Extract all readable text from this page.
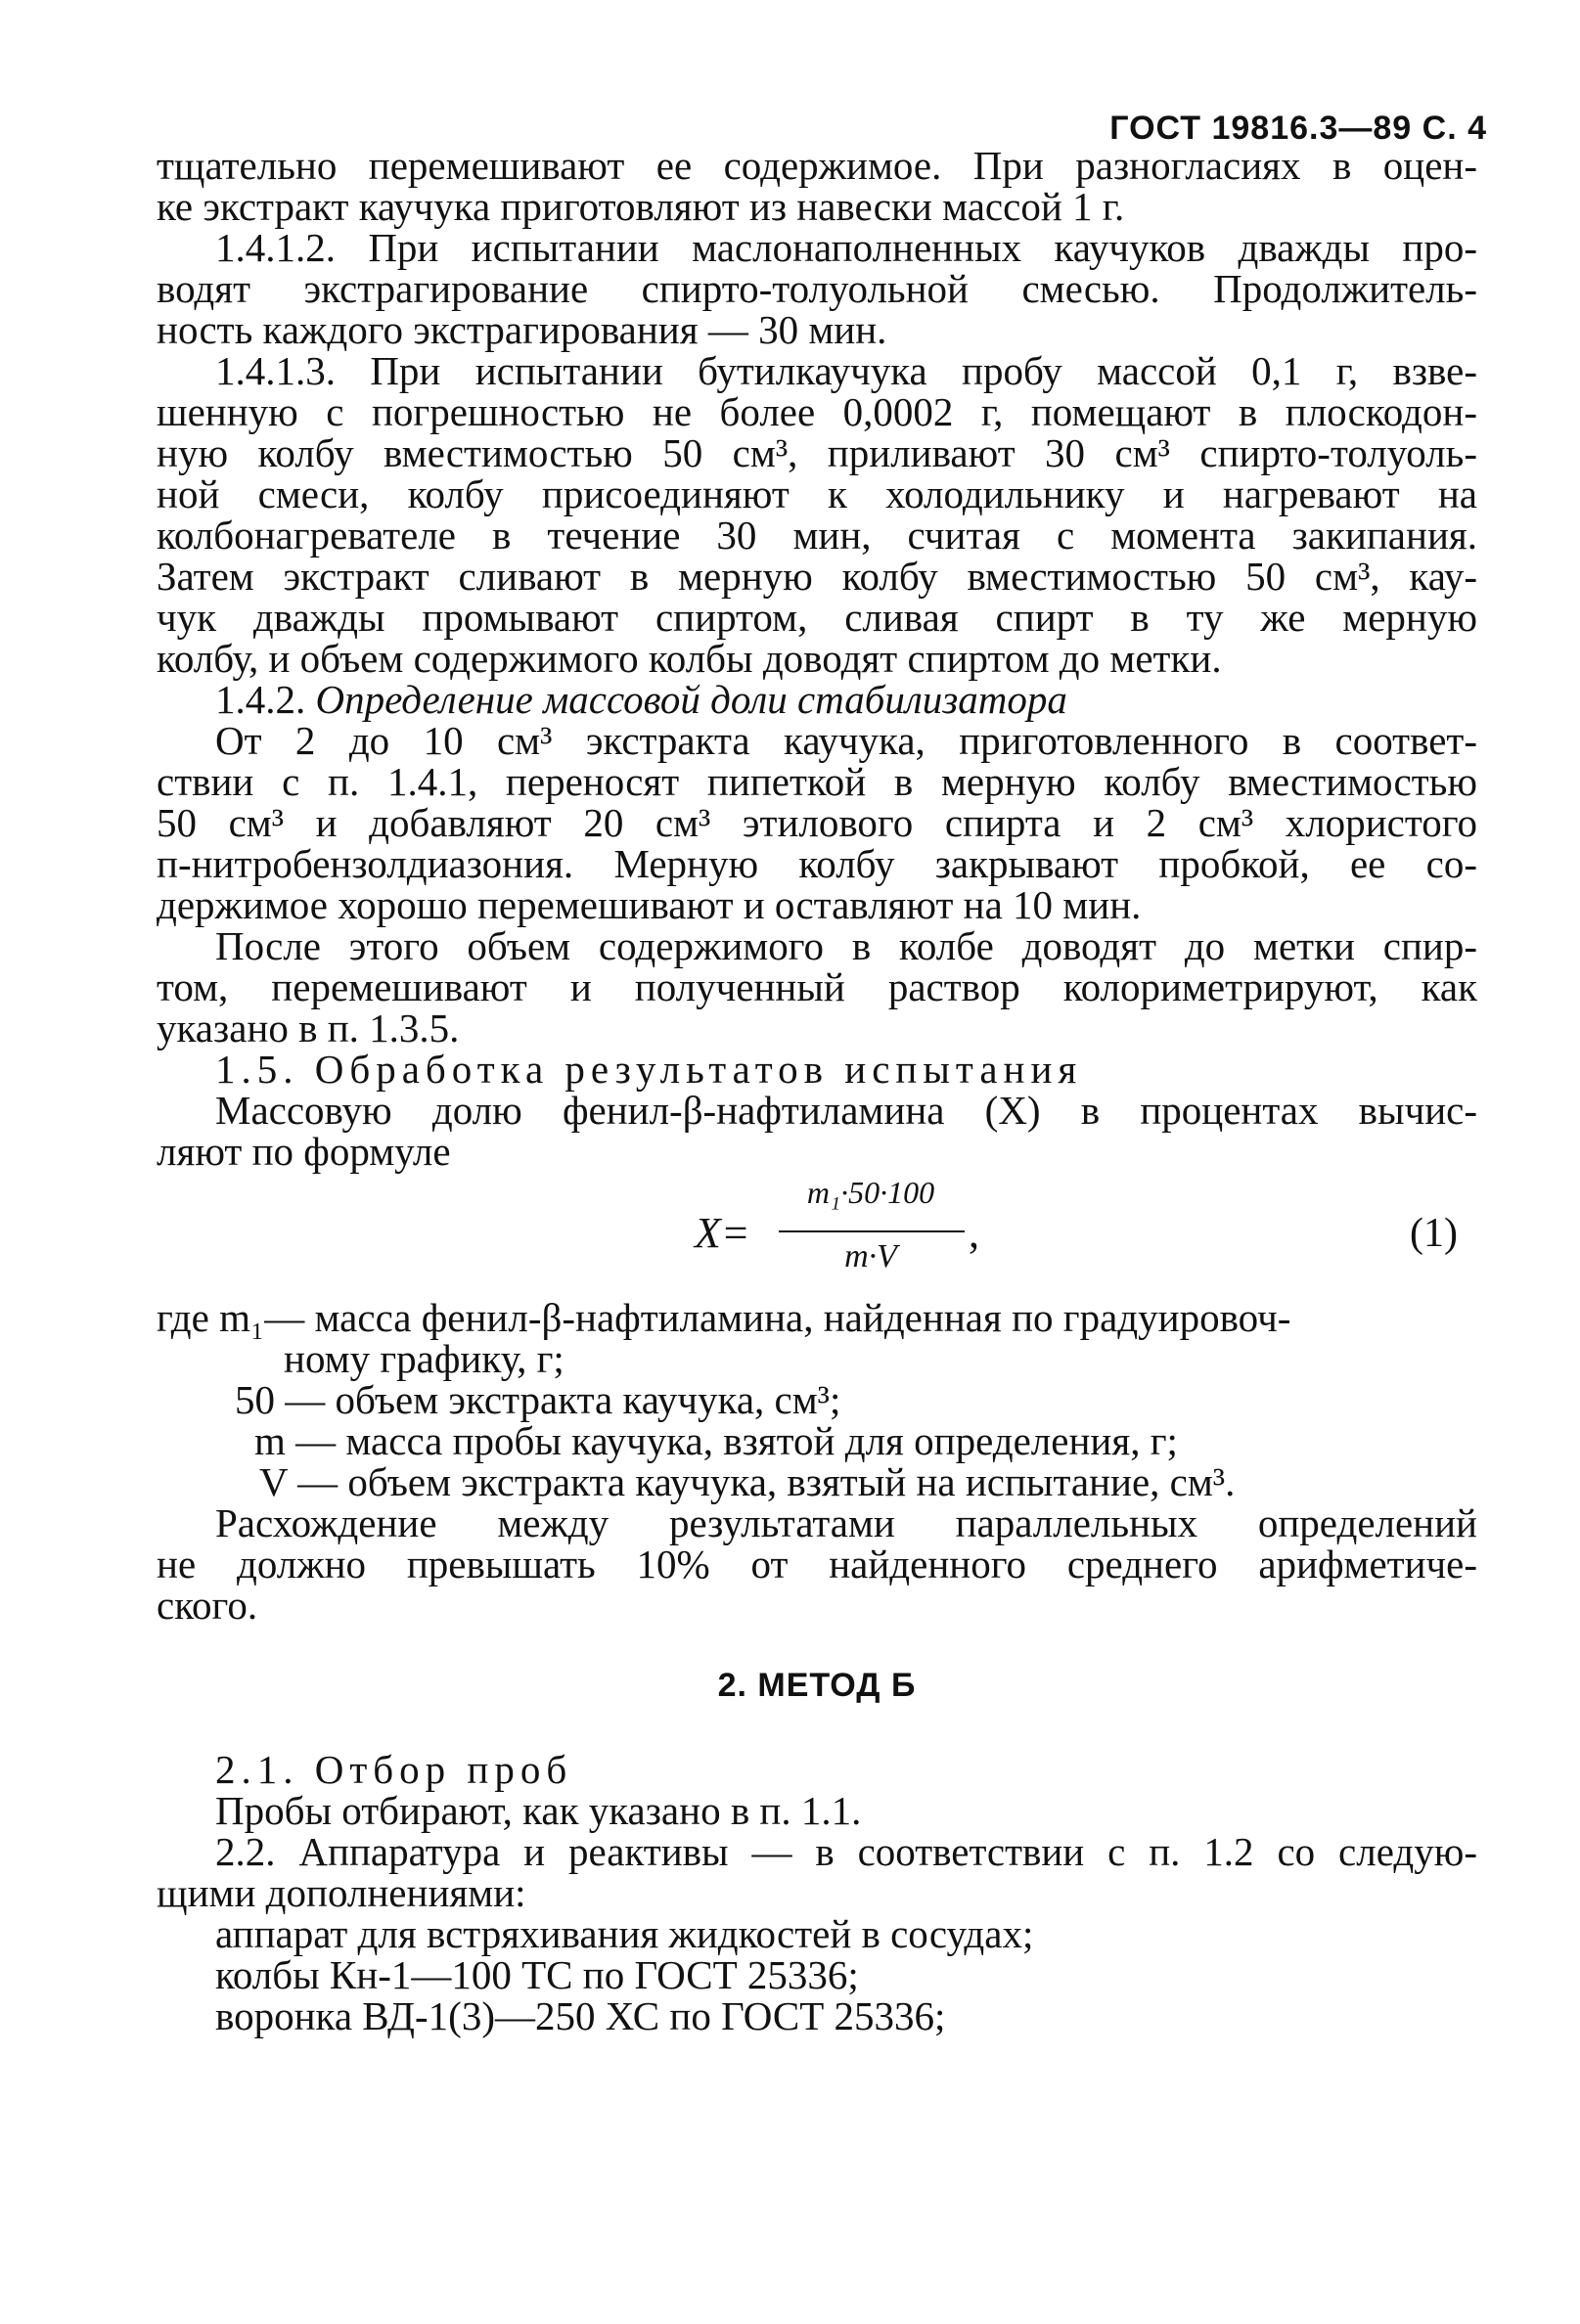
ГОСТ 19816.3—89 С. 4
тщательно перемешивают ее содержимое. При разногласиях в оцен-
ке экстракт каучука приготовляют из навески массой 1 г.
1.4.1.2. При испытании маслонаполненных каучуков дважды про-
водят экстрагирование спирто-толуольной смесью. Продолжитель-
ность каждого экстрагирования — 30 мин.
1.4.1.3. При испытании бутилкаучука пробу массой 0,1 г, взве-
шенную с погрешностью не более 0,0002 г, помещают в плоскодон-
ную колбу вместимостью 50 см³, приливают 30 см³ спирто-толуоль-
ной смеси, колбу присоединяют к холодильнику и нагревают на
колбонагревателе в течение 30 мин, считая с момента закипания.
Затем экстракт сливают в мерную колбу вместимостью 50 см³, кау-
чук дважды промывают спиртом, сливая спирт в ту же мерную
колбу, и объем содержимого колбы доводят спиртом до метки.
1.4.2. Определение массовой доли стабилизатора
От 2 до 10 см³ экстракта каучука, приготовленного в соответ-
ствии с п. 1.4.1, переносят пипеткой в мерную колбу вместимостью
50 см³ и добавляют 20 см³ этилового спирта и 2 см³ хлористого
п-нитробензолдиазония. Мерную колбу закрывают пробкой, ее со-
держимое хорошо перемешивают и оставляют на 10 мин.
После этого объем содержимого в колбе доводят до метки спир-
том, перемешивают и полученный раствор колориметрируют, как
указано в п. 1.3.5.
1.5. Обработка результатов испытания
Массовую долю фенил-β-нафтиламина (X) в процентах вычис-
ляют по формуле
X=
m₁·50·100
m·V	,	(1)
где m₁— масса фенил-β-нафтиламина, найденная по градуировоч-
ному графику, г;
50 — объем экстракта каучука, см³;
m — масса пробы каучука, взятой для определения, г;
V — объем экстракта каучука, взятый на испытание, см³.
Расхождение между результатами параллельных определений
не должно превышать 10% от найденного среднего арифметиче-
ского.
2. МЕТОД Б
2.1. Отбор проб
Пробы отбирают, как указано в п. 1.1.
2.2. Аппаратура и реактивы — в соответствии с п. 1.2 со следую-
щими дополнениями:
аппарат для встряхивания жидкостей в сосудах;
колбы Кн-1—100 ТС по ГОСТ 25336;
воронка ВД-1(3)—250 ХС по ГОСТ 25336;
